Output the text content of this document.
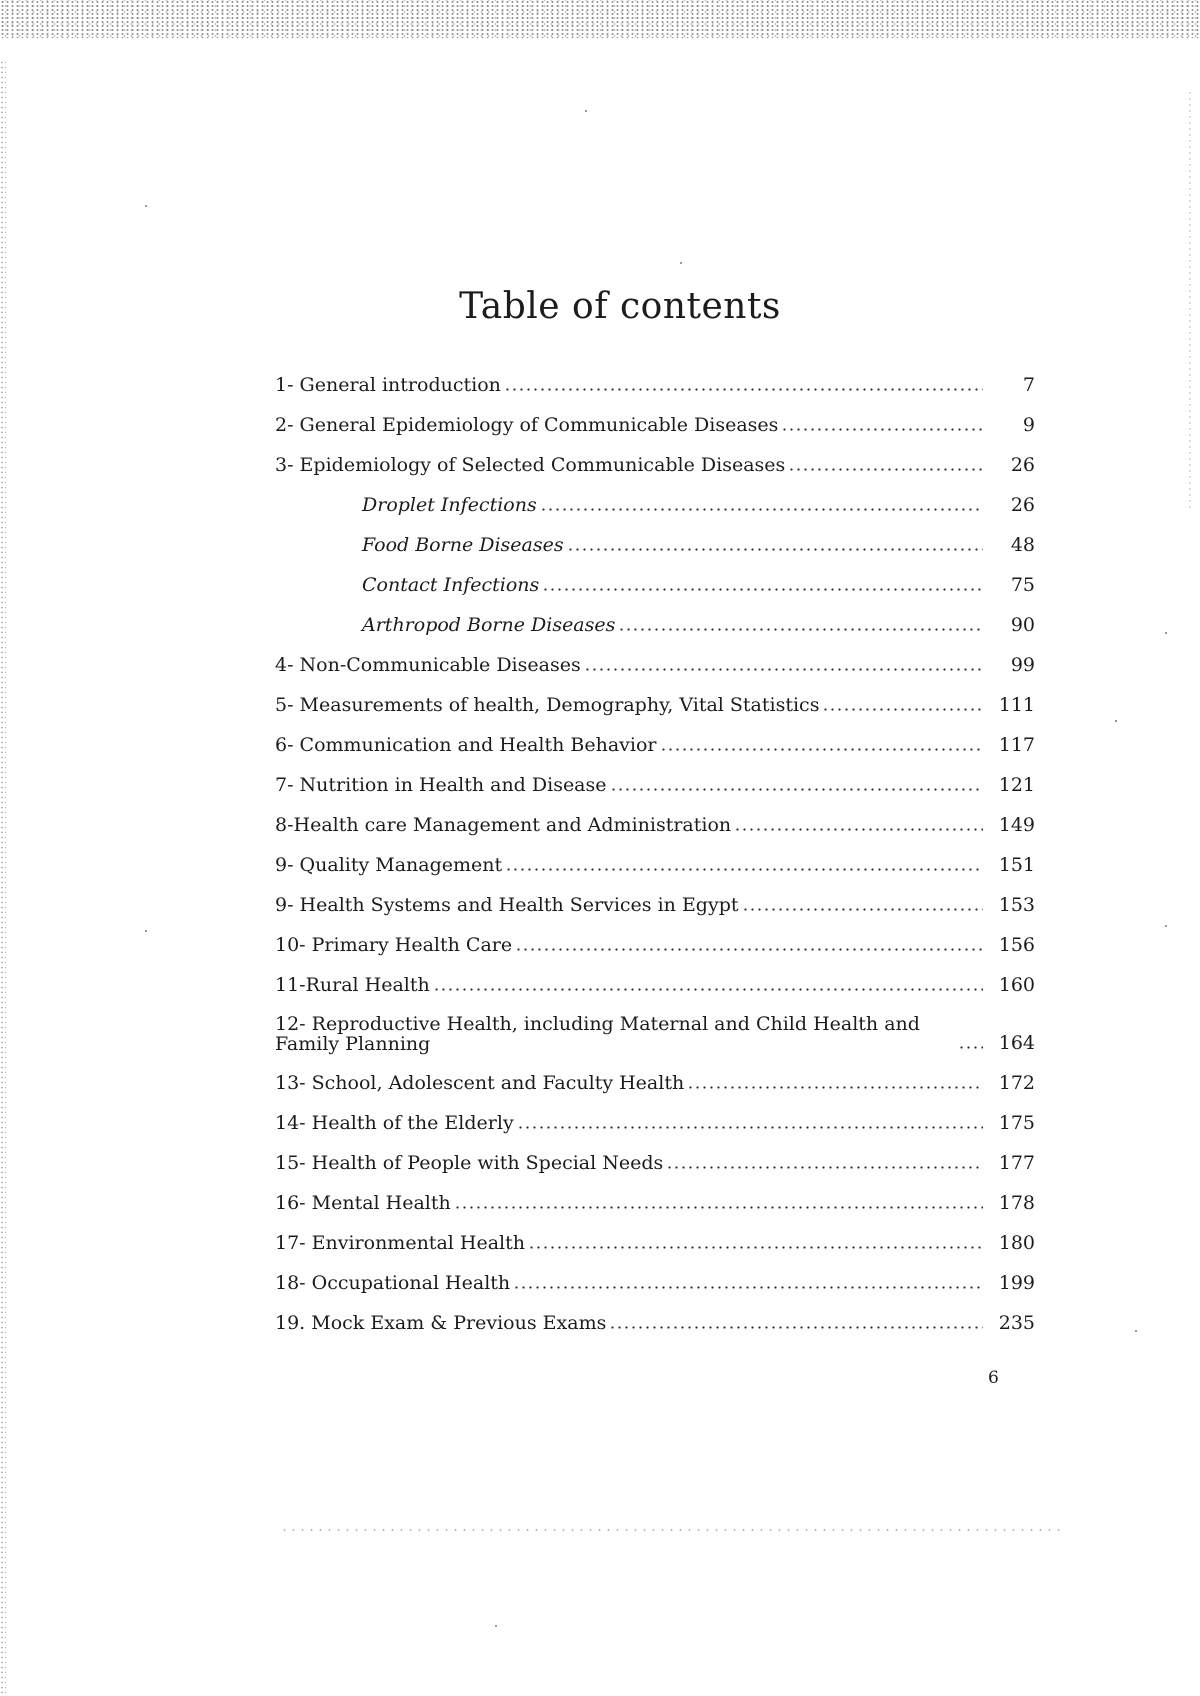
Table of contents
1- General introduction	7
2- General Epidemiology of Communicable Diseases	9
3- Epidemiology of Selected Communicable Diseases	26
Droplet Infections	26
Food Borne Diseases	48
Contact Infections	75
Arthropod Borne Diseases	90
4- Non-Communicable Diseases	99
5- Measurements of health, Demography, Vital Statistics	111
6- Communication and Health Behavior	117
7- Nutrition in Health and Disease	121
8-Health care Management and Administration	149
9- Quality Management	151
9- Health Systems and Health Services in Egypt	153
10- Primary Health Care	156
11-Rural Health	160
12- Reproductive Health, including Maternal and Child Health and Family Planning	164
13- School, Adolescent and Faculty Health	172
14- Health of the Elderly	175
15- Health of People with Special Needs	177
16- Mental Health	178
17- Environmental Health	180
18- Occupational Health	199
19. Mock Exam & Previous Exams	235
6
